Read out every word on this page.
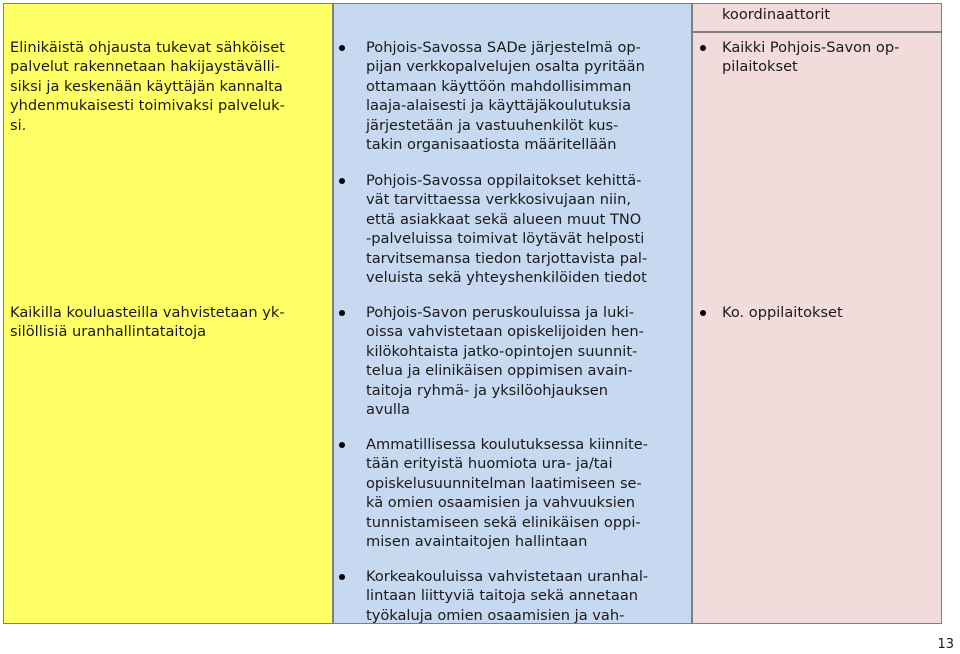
koordinaattorit
Elinikäistä ohjausta tukevat sähköiset
palvelut rakennetaan hakijaystävälli-
siksi ja keskenään käyttäjän kannalta
yhdenmukaisesti toimivaksi palveluk-
si.
Pohjois-Savossa SADe järjestelmä op-
pijan verkkopalvelujen osalta pyritään
ottamaan käyttöön mahdollisimman
laaja-alaisesti ja käyttäjäkoulutuksia
järjestetään ja vastuuhenkilöt kus-
takin organisaatiosta määritellään
Pohjois-Savossa oppilaitokset kehittä-
vät tarvittaessa verkkosivujaan niin,
että asiakkaat sekä alueen muut TNO
-palveluissa toimivat löytävät helposti
tarvitsemansa tiedon tarjottavista pal-
veluista sekä yhteyshenkilöiden tiedot
Kaikki Pohjois-Savon op-
pilaitokset
Kaikilla kouluasteilla vahvistetaan yk-
silöllisiä uranhallintataitoja
Pohjois-Savon peruskouluissa ja luki-
oissa vahvistetaan opiskelijoiden hen-
kilökohtaista jatko-opintojen suunnit-
telua ja elinikäisen oppimisen avain-
taitoja ryhmä- ja yksilöohjauksen
avulla
Ammatillisessa koulutuksessa kiinnite-
tään erityistä huomiota ura- ja/tai
opiskelusuunnitelman laatimiseen se-
kä omien osaamisien ja vahvuuksien
tunnistamiseen sekä elinikäisen oppi-
misen avaintaitojen hallintaan
Korkeakouluissa vahvistetaan uranhal-
lintaan liittyviä taitoja sekä annetaan
työkaluja omien osaamisien ja vah-
Ko. oppilaitokset
13
